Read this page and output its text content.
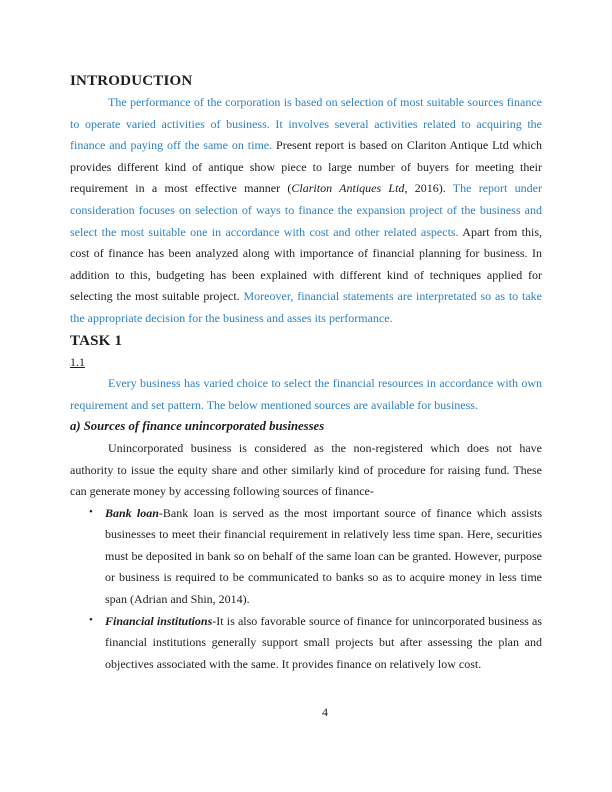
INTRODUCTION

The performance of the corporation is based on selection of most suitable sources finance to operate varied activities of business. It involves several activities related to acquiring the finance and paying off the same on time. Present report is based on Clariton Antique Ltd which provides different kind of antique show piece to large number of buyers for meeting their requirement in a most effective manner (Clariton Antiques Ltd, 2016). The report under consideration focuses on selection of ways to finance the expansion project of the business and select the most suitable one in accordance with cost and other related aspects. Apart from this, cost of finance has been analyzed along with importance of financial planning for business. In addition to this, budgeting has been explained with different kind of techniques applied for selecting the most suitable project. Moreover, financial statements are interpretated so as to take the appropriate decision for the business and asses its performance.

TASK 1
1.1

Every business has varied choice to select the financial resources in accordance with own requirement and set pattern. The below mentioned sources are available for business.

a) Sources of finance unincorporated businesses

Unincorporated business is considered as the non-registered which does not have authority to issue the equity share and other similarly kind of procedure for raising fund. These can generate money by accessing following sources of finance-

• Bank loan-Bank loan is served as the most important source of finance which assists businesses to meet their financial requirement in relatively less time span. Here, securities must be deposited in bank so on behalf of the same loan can be granted. However, purpose or business is required to be communicated to banks so as to acquire money in less time span (Adrian and Shin, 2014).
• Financial institutions-It is also favorable source of finance for unincorporated business as financial institutions generally support small projects but after assessing the plan and objectives associated with the same. It provides finance on relatively low cost.
4
